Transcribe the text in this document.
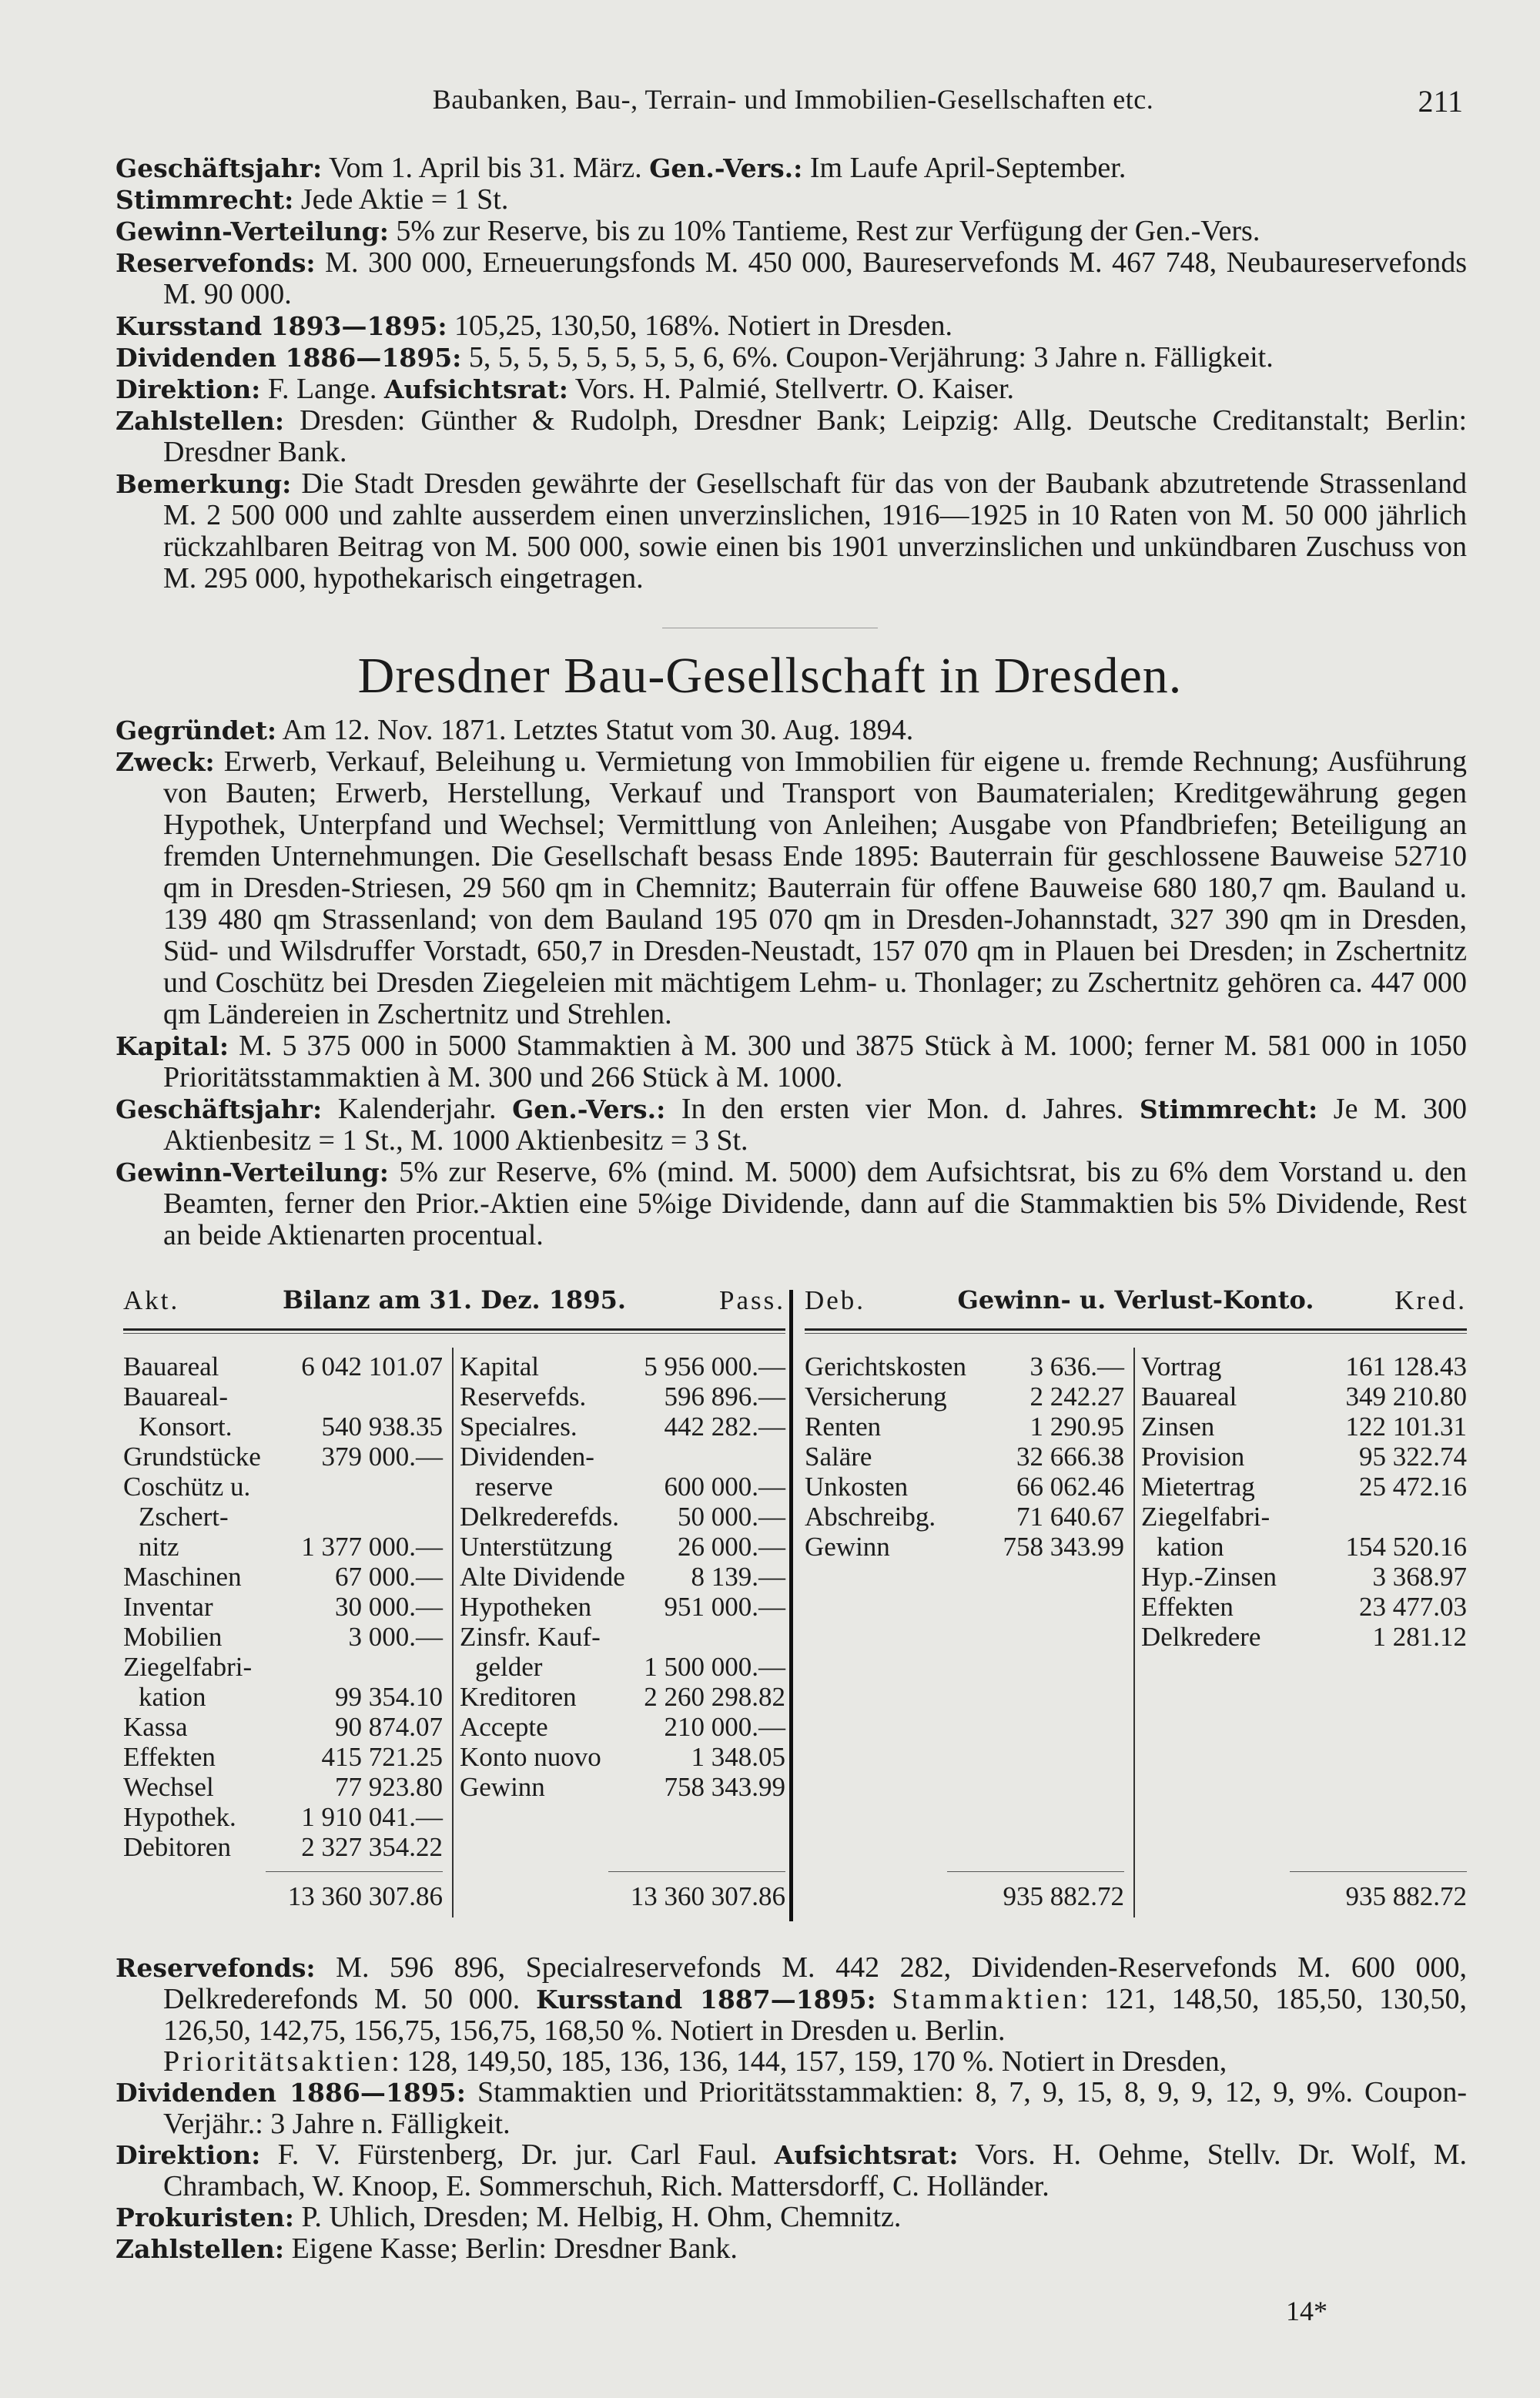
Baubanken, Bau-, Terrain- und Immobilien-Gesellschaften etc.	211
Geschäftsjahr: Vom 1. April bis 31. März. Gen.-Vers.: Im Laufe April-September.
Stimmrecht: Jede Aktie = 1 St.
Gewinn-Verteilung: 5% zur Reserve, bis zu 10% Tantieme, Rest zur Verfügung der Gen.-Vers.
Reservefonds: M. 300 000, Erneuerungsfonds M. 450 000, Baureservefonds M. 467 748, Neubaureservefonds M. 90 000.
Kursstand 1893—1895: 105,25, 130,50, 168%. Notiert in Dresden.
Dividenden 1886—1895: 5, 5, 5, 5, 5, 5, 5, 5, 6, 6%. Coupon-Verjährung: 3 Jahre n. Fälligkeit.
Direktion: F. Lange. Aufsichtsrat: Vors. H. Palmié, Stellvertr. O. Kaiser.
Zahlstellen: Dresden: Günther & Rudolph, Dresdner Bank; Leipzig: Allg. Deutsche Creditanstalt; Berlin: Dresdner Bank.
Bemerkung: Die Stadt Dresden gewährte der Gesellschaft für das von der Baubank abzutretende Strassenland M. 2 500 000 und zahlte ausserdem einen unverzinslichen, 1916—1925 in 10 Raten von M. 50 000 jährlich rückzahlbaren Beitrag von M. 500 000, sowie einen bis 1901 unverzinslichen und unkündbaren Zuschuss von M. 295 000, hypothekarisch eingetragen.
Dresdner Bau-Gesellschaft in Dresden.
Gegründet: Am 12. Nov. 1871. Letztes Statut vom 30. Aug. 1894.
Zweck: Erwerb, Verkauf, Beleihung u. Vermietung von Immobilien für eigene u. fremde Rechnung; Ausführung von Bauten; Erwerb, Herstellung, Verkauf und Transport von Baumaterialen; Kreditgewährung gegen Hypothek, Unterpfand und Wechsel; Vermittlung von Anleihen; Ausgabe von Pfandbriefen; Beteiligung an fremden Unternehmungen. Die Gesellschaft besass Ende 1895: Bauterrain für geschlossene Bauweise 52710 qm in Dresden-Striesen, 29 560 qm in Chemnitz; Bauterrain für offene Bauweise 680 180,7 qm. Bauland u. 139 480 qm Strassenland; von dem Bauland 195 070 qm in Dresden-Johannstadt, 327 390 qm in Dresden, Süd- und Wilsdruffer Vorstadt, 650,7 in Dresden-Neustadt, 157 070 qm in Plauen bei Dresden; in Zschertnitz und Coschütz bei Dresden Ziegeleien mit mächtigem Lehm- u. Thonlager; zu Zschertnitz gehören ca. 447 000 qm Ländereien in Zschertnitz und Strehlen.
Kapital: M. 5 375 000 in 5000 Stammaktien à M. 300 und 3875 Stück à M. 1000; ferner M. 581 000 in 1050 Prioritätsstammaktien à M. 300 und 266 Stück à M. 1000.
Geschäftsjahr: Kalenderjahr. Gen.-Vers.: In den ersten vier Mon. d. Jahres. Stimmrecht: Je M. 300 Aktienbesitz = 1 St., M. 1000 Aktienbesitz = 3 St.
Gewinn-Verteilung: 5% zur Reserve, 6% (mind. M. 5000) dem Aufsichtsrat, bis zu 6% dem Vorstand u. den Beamten, ferner den Prior.-Aktien eine 5%ige Dividende, dann auf die Stammaktien bis 5% Dividende, Rest an beide Aktienarten procentual.
Akt.	Bilanz am 31. Dez. 1895.	Pass.
Bauareal	6 042 101.07
Bauareal-
Konsort.	540 938.35
Grundstücke 379 000.—
Coschütz u.
Zschert-
nitz	1 377 000.—
Maschinen	67 000.—
Inventar	30 000.—
Mobilien	3 000.—
Ziegelfabri-
kation	99 354.10
Kassa	90 874.07
Effekten	415 721.25
Wechsel	77 923.80
Hypothek. 1 910 041.—
Debitoren	2 327 354.22
13 360 307.86
Kapital	5 956 000.—
Reservefds.	596 896.—
Specialres.	442 282.—
Dividenden-
reserve	600 000.—
Delkrederefds. 50 000.—
Unterstützung 26 000.—
Alte Dividende 8 139.—
Hypotheken	951 000.—
Zinsfr. Kauf-
gelder	1 500 000.—
Kreditoren	2 260 298.82
Accepte	210 000.—
Konto nuovo	1 348.05
Gewinn	758 343.99
13 360 307.86
Deb.	Gewinn- u. Verlust-Konto.	Kred.
Gerichtskosten 3 636.—
Versicherung	2 242.27
Renten	1 290.95
Saläre	32 666.38
Unkosten	66 062.46
Abschreibg.	71 640.67
Gewinn	758 343.99
935 882.72
Vortrag	161 128.43
Bauareal	349 210.80
Zinsen	122 101.31
Provision	95 322.74
Mietertrag	25 472.16
Ziegelfabri-
kation	154 520.16
Hyp.-Zinsen	3 368.97
Effekten	23 477.03
Delkredere	1 281.12
935 882.72
Reservefonds: M. 596 896, Specialreservefonds M. 442 282, Dividenden-Reservefonds M. 600 000, Delkrederefonds M. 50 000. Kursstand 1887—1895: Stammaktien: 121, 148,50, 185,50, 130,50, 126,50, 142,75, 156,75, 156,75, 168,50 %. Notiert in Dresden u. Berlin.
Prioritätsaktien: 128, 149,50, 185, 136, 136, 144, 157, 159, 170 %. Notiert in Dresden,
Dividenden 1886—1895: Stammaktien und Prioritätsstammaktien: 8, 7, 9, 15, 8, 9, 9, 12, 9, 9%. Coupon-Verjähr.: 3 Jahre n. Fälligkeit.
Direktion: F. V. Fürstenberg, Dr. jur. Carl Faul. Aufsichtsrat: Vors. H. Oehme, Stellv. Dr. Wolf, M. Chrambach, W. Knoop, E. Sommerschuh, Rich. Mattersdorff, C. Holländer.
Prokuristen: P. Uhlich, Dresden; M. Helbig, H. Ohm, Chemnitz.
Zahlstellen: Eigene Kasse; Berlin: Dresdner Bank.
14*
